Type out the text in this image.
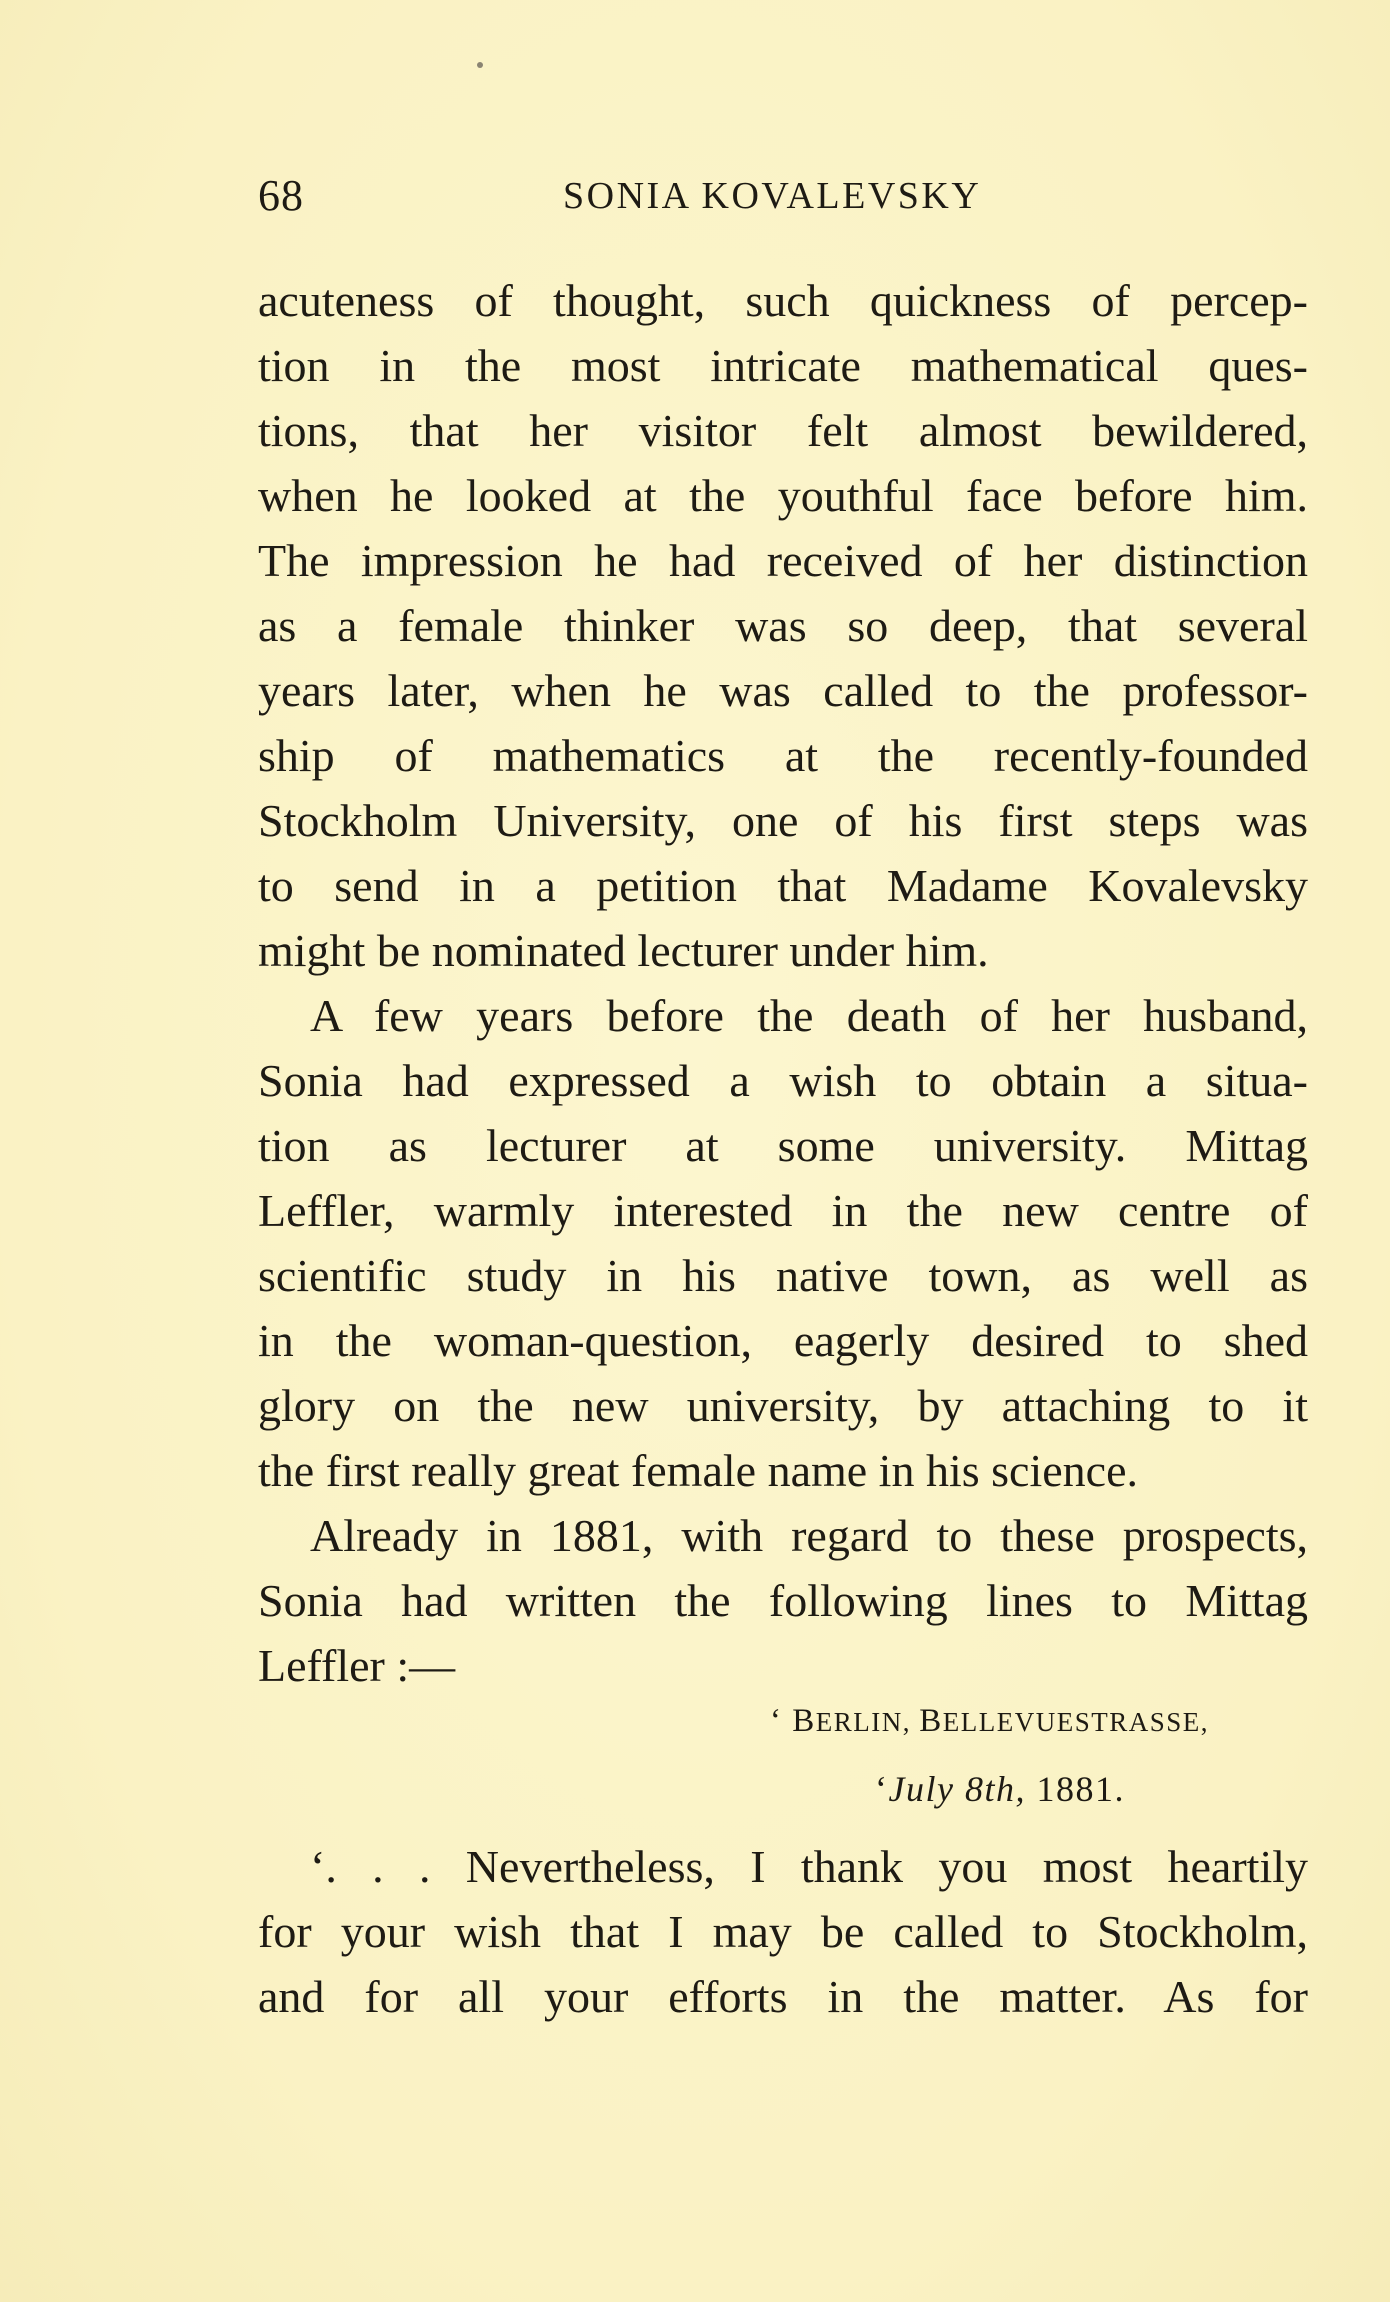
68	SONIA KOVALEVSKY
acuteness of thought, such quickness of percep-
tion in the most intricate mathematical ques-
tions, that her visitor felt almost bewildered,
when he looked at the youthful face before him.
The impression he had received of her distinction
as a female thinker was so deep, that several
years later, when he was called to the professor-
ship of mathematics at the recently-founded
Stockholm University, one of his first steps was
to send in a petition that Madame Kovalevsky
might be nominated lecturer under him.
A few years before the death of her husband,
Sonia had expressed a wish to obtain a situa-
tion as lecturer at some university. Mittag
Leffler, warmly interested in the new centre of
scientific study in his native town, as well as
in the woman-question, eagerly desired to shed
glory on the new university, by attaching to it
the first really great female name in his science.
Already in 1881, with regard to these prospects,
Sonia had written the following lines to Mittag
Leffler :—
‘ BERLIN, BELLEVUESTRASSE,
‘July 8th, 1881.
‘. . . Nevertheless, I thank you most heartily
for your wish that I may be called to Stockholm,
and for all your efforts in the matter. As for
